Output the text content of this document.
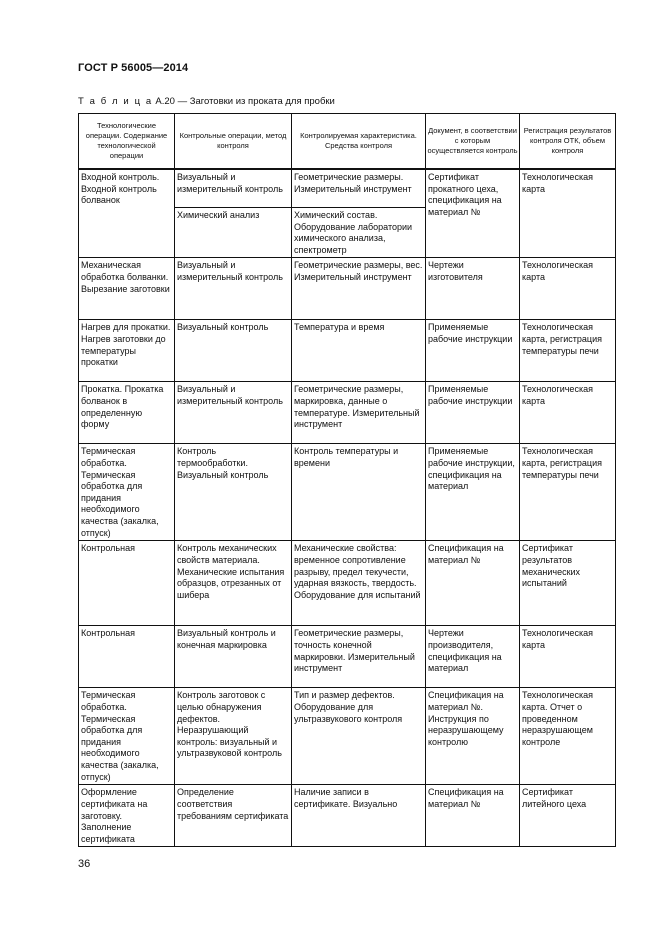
ГОСТ Р 56005—2014
Т а б л и ц а А.20 — Заготовки из проката для пробки
Технологические операции. Содержание технологической операции	Контрольные операции, метод контроля	Контролируемая характеристика. Средства контроля	Документ, в соответствии с которым осуществляется контроль	Регистрация результатов контроля ОТК, объем контроля
Входной контроль. Входной контроль болванок	Визуальный и измерительный контроль	Геометрические размеры. Измерительный инструмент	Сертификат прокатного цеха, спецификация на материал №	Технологическая карта
	Химический анализ	Химический состав. Оборудование лаборатории химического анализа, спектрометр		
Механическая обработка болванки. Вырезание заготовки	Визуальный и измерительный контроль	Геометрические размеры, вес. Измерительный инструмент	Чертежи изготовителя	Технологическая карта
Нагрев для прокатки. Нагрев заготовки до температуры прокатки	Визуальный контроль	Температура и время	Применяемые рабочие инструкции	Технологическая карта, регистрация температуры печи
Прокатка. Прокатка болванок в определенную форму	Визуальный и измерительный контроль	Геометрические размеры, маркировка, данные о температуре. Измерительный инструмент	Применяемые рабочие инструкции	Технологическая карта
Термическая обработка. Термическая обработка для придания необходимого качества (закалка, отпуск)	Контроль термообработки. Визуальный контроль	Контроль температуры и времени	Применяемые рабочие инструкции, спецификация на материал	Технологическая карта, регистрация температуры печи
Контрольная	Контроль механических свойств материала. Механические испытания образцов, отрезанных от шибера	Механические свойства: временное сопротивление разрыву, предел текучести, ударная вязкость, твердость. Оборудование для испытаний	Спецификация на материал №	Сертификат результатов механических испытаний
Контрольная	Визуальный контроль и конечная маркировка	Геометрические размеры, точность конечной маркировки. Измерительный инструмент	Чертежи производителя, спецификация на материал	Технологическая карта
Термическая обработка. Термическая обработка для придания необходимого качества (закалка, отпуск)	Контроль заготовок с целью обнаружения дефектов. Неразрушающий контроль: визуальный и ультразвуковой контроль	Тип и размер дефектов. Оборудование для ультразвукового контроля	Спецификация на материал №. Инструкция по неразрушающему контролю	Технологическая карта. Отчет о проведенном неразрушающем контроле
Оформление сертификата на заготовку. Заполнение сертификата	Определение соответствия требованиям сертификата	Наличие записи в сертификате. Визуально	Спецификация на материал №	Сертификат литейного цеха
36
